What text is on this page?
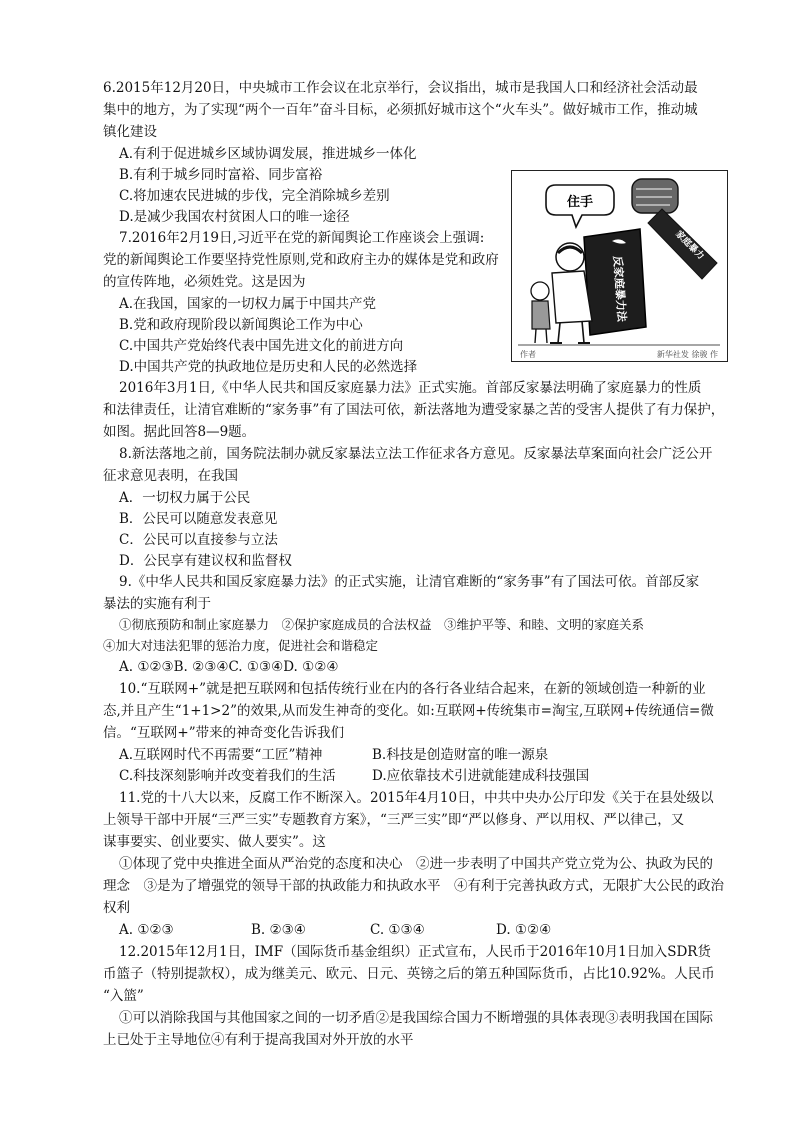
6.2015年12月20日，中央城市工作会议在北京举行，会议指出，城市是我国人口和经济社会活动最
集中的地方，为了实现“两个一百年”奋斗目标，必须抓好城市这个“火车头”。做好城市工作，推动城
镇化建设
A.有利于促进城乡区域协调发展，推进城乡一体化
B.有利于城乡同时富裕、同步富裕
C.将加速农民进城的步伐，完全消除城乡差别
D.是减少我国农村贫困人口的唯一途径
7.2016年2月19日,习近平在党的新闻舆论工作座谈会上强调:
党的新闻舆论工作要坚持党性原则,党和政府主办的媒体是党和政府
的宣传阵地，必须姓党。这是因为
A.在我国，国家的一切权力属于中国共产党
B.党和政府现阶段以新闻舆论工作为中心
C.中国共产党始终代表中国先进文化的前进方向
D.中国共产党的执政地位是历史和人民的必然选择
住手
家庭暴力
反家庭暴力法
作者	新华社发 徐骏 作
2016年3月1日,《中华人民共和国反家庭暴力法》正式实施。首部反家暴法明确了家庭暴力的性质
和法律责任，让清官难断的“家务事”有了国法可依，新法落地为遭受家暴之苦的受害人提供了有力保护，
如图。据此回答8—9题。
8.新法落地之前，国务院法制办就反家暴法立法工作征求各方意见。反家暴法草案面向社会广泛公开
征求意见表明，在我国
A．一切权力属于公民
B．公民可以随意发表意见
C．公民可以直接参与立法
D．公民享有建议权和监督权
9.《中华人民共和国反家庭暴力法》的正式实施，让清官难断的“家务事”有了国法可依。首部反家
暴法的实施有利于
①彻底预防和制止家庭暴力　②保护家庭成员的合法权益　③维护平等、和睦、文明的家庭关系
④加大对违法犯罪的惩治力度，促进社会和谐稳定
A. ①②③B. ②③④C. ①③④D. ①②④
10.“互联网+”就是把互联网和包括传统行业在内的各行各业结合起来，在新的领域创造一种新的业
态,并且产生“1+1>2”的效果,从而发生神奇的变化。如:互联网+传统集市=淘宝,互联网+传统通信=微
信。“互联网+”带来的神奇变化告诉我们
A.互联网时代不再需要“工匠”精神	B.科技是创造财富的唯一源泉
C.科技深刻影响并改变着我们的生活	D.应依靠技术引进就能建成科技强国
11.党的十八大以来，反腐工作不断深入。2015年4月10日，中共中央办公厅印发《关于在县处级以
上领导干部中开展“三严三实”专题教育方案》，“三严三实”即“严以修身、严以用权、严以律己，又
谋事要实、创业要实、做人要实”。这
①体现了党中央推进全面从严治党的态度和决心　②进一步表明了中国共产党立党为公、执政为民的
理念　③是为了增强党的领导干部的执政能力和执政水平　④有利于完善执政方式，无限扩大公民的政治
权利
A. ①②③	B. ②③④	C. ①③④	D. ①②④
12.2015年12月1日，IMF（国际货币基金组织）正式宣布，人民币于2016年10月1日加入SDR货
币篮子（特别提款权），成为继美元、欧元、日元、英镑之后的第五种国际货币，占比10.92%。人民币
“入篮”
①可以消除我国与其他国家之间的一切矛盾②是我国综合国力不断增强的具体表现③表明我国在国际
上已处于主导地位④有利于提高我国对外开放的水平
